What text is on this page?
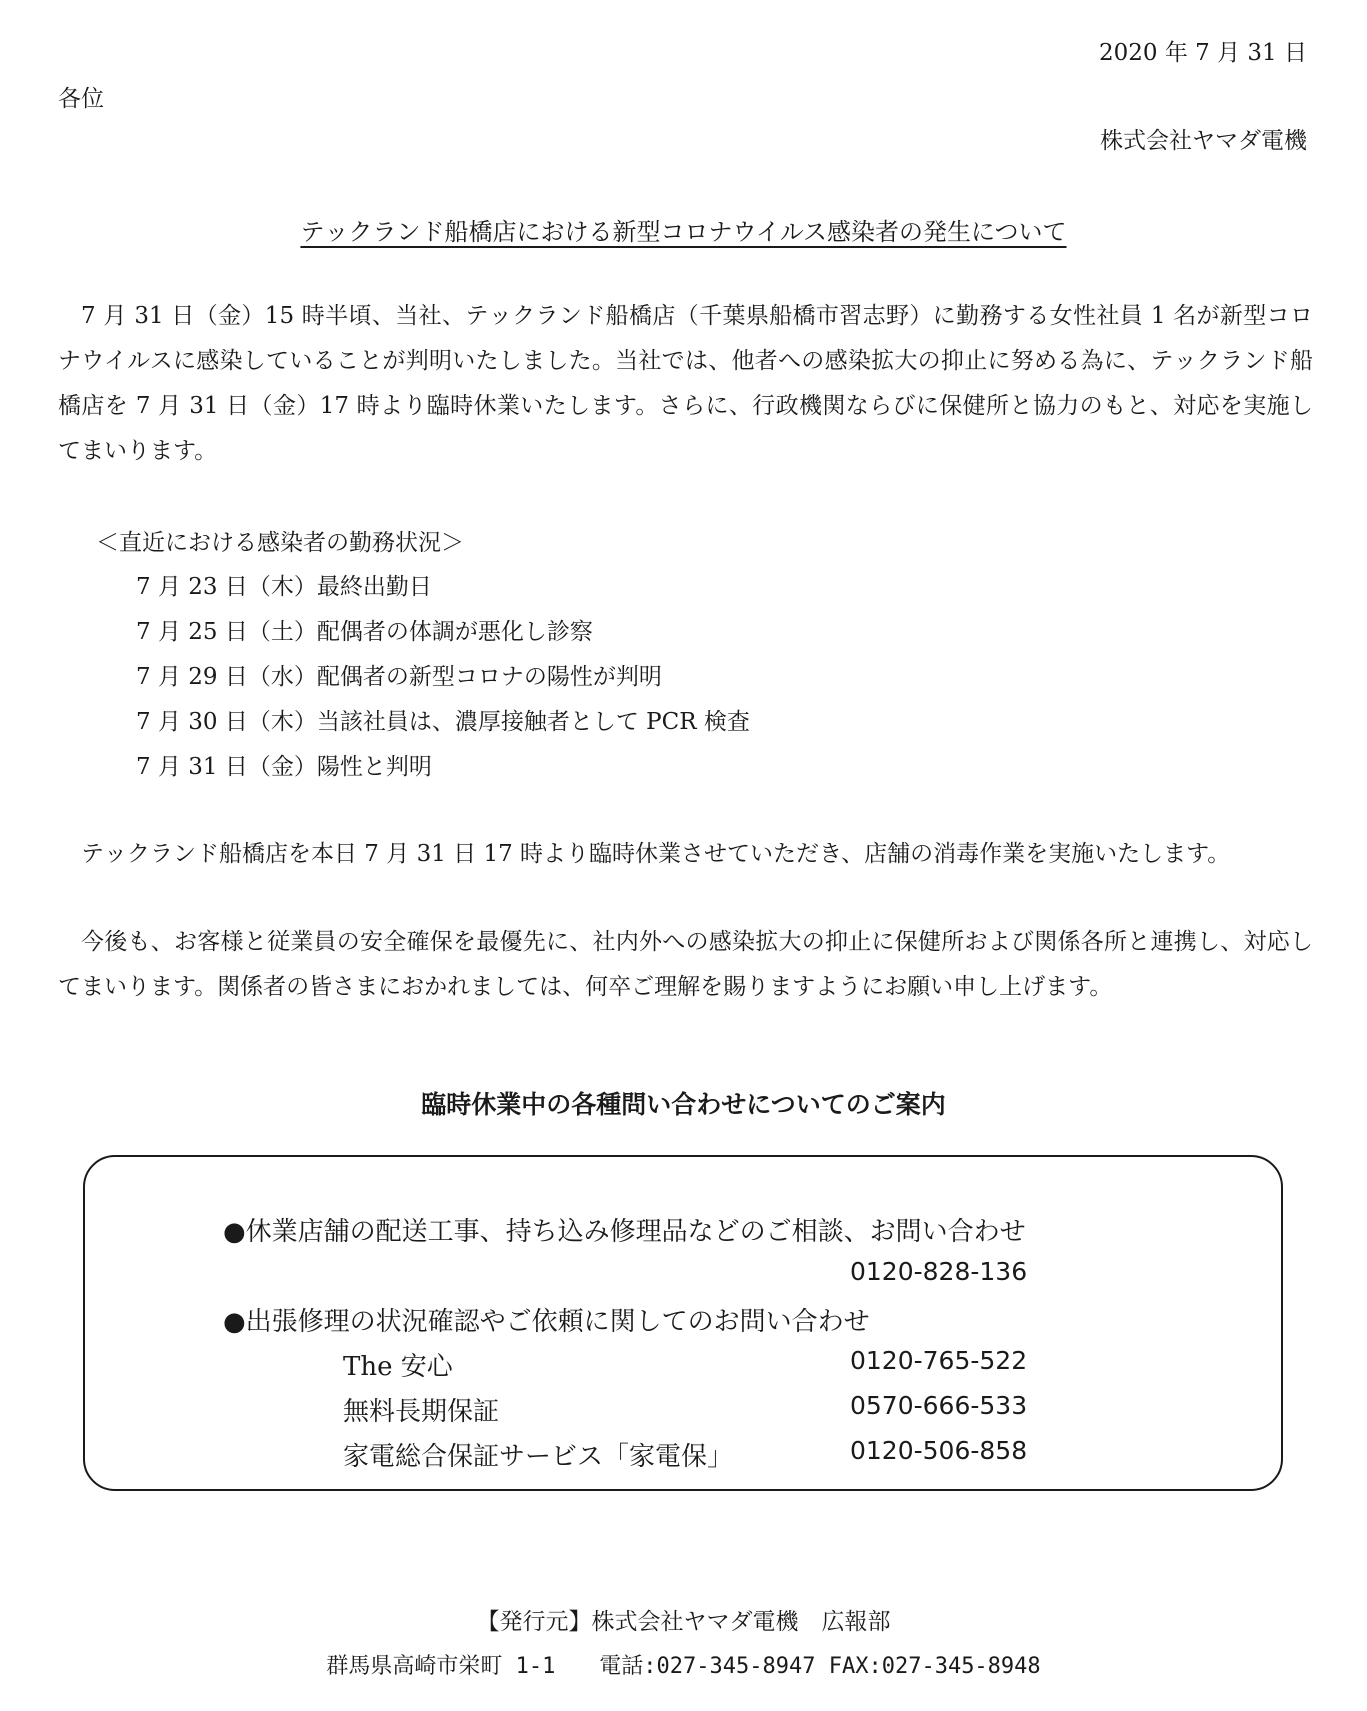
2020 年 7 月 31 日
各位
株式会社ヤマダ電機
テックランド船橋店における新型コロナウイルス感染者の発生について

7 月 31 日（金）15 時半頃、当社、テックランド船橋店（千葉県船橋市習志野）に勤務する女性社員 1 名が新型コロナウイルスに感染していることが判明いたしました。当社では、他者への感染拡大の抑止に努める為に、テックランド船橋店を 7 月 31 日（金）17 時より臨時休業いたします。さらに、行政機関ならびに保健所と協力のもと、対応を実施してまいります。

＜直近における感染者の勤務状況＞
7 月 23 日（木）最終出勤日
7 月 25 日（土）配偶者の体調が悪化し診察
7 月 29 日（水）配偶者の新型コロナの陽性が判明
7 月 30 日（木）当該社員は、濃厚接触者として PCR 検査
7 月 31 日（金）陽性と判明

テックランド船橋店を本日 7 月 31 日 17 時より臨時休業させていただき、店舗の消毒作業を実施いたします。

今後も、お客様と従業員の安全確保を最優先に、社内外への感染拡大の抑止に保健所および関係各所と連携し、対応してまいります。関係者の皆さまにおかれましては、何卒ご理解を賜りますようにお願い申し上げます。

臨時休業中の各種問い合わせについてのご案内
●休業店舗の配送工事、持ち込み修理品などのご相談、お問い合わせ
0120-828-136
●出張修理の状況確認やご依頼に関してのお問い合わせ
The 安心	0120-765-522
無料長期保証	0570-666-533
家電総合保証サービス「家電保」	0120-506-858
【発行元】株式会社ヤマダ電機　広報部
群馬県高崎市栄町 1-1　　電話:027-345-8947 FAX:027-345-8948
